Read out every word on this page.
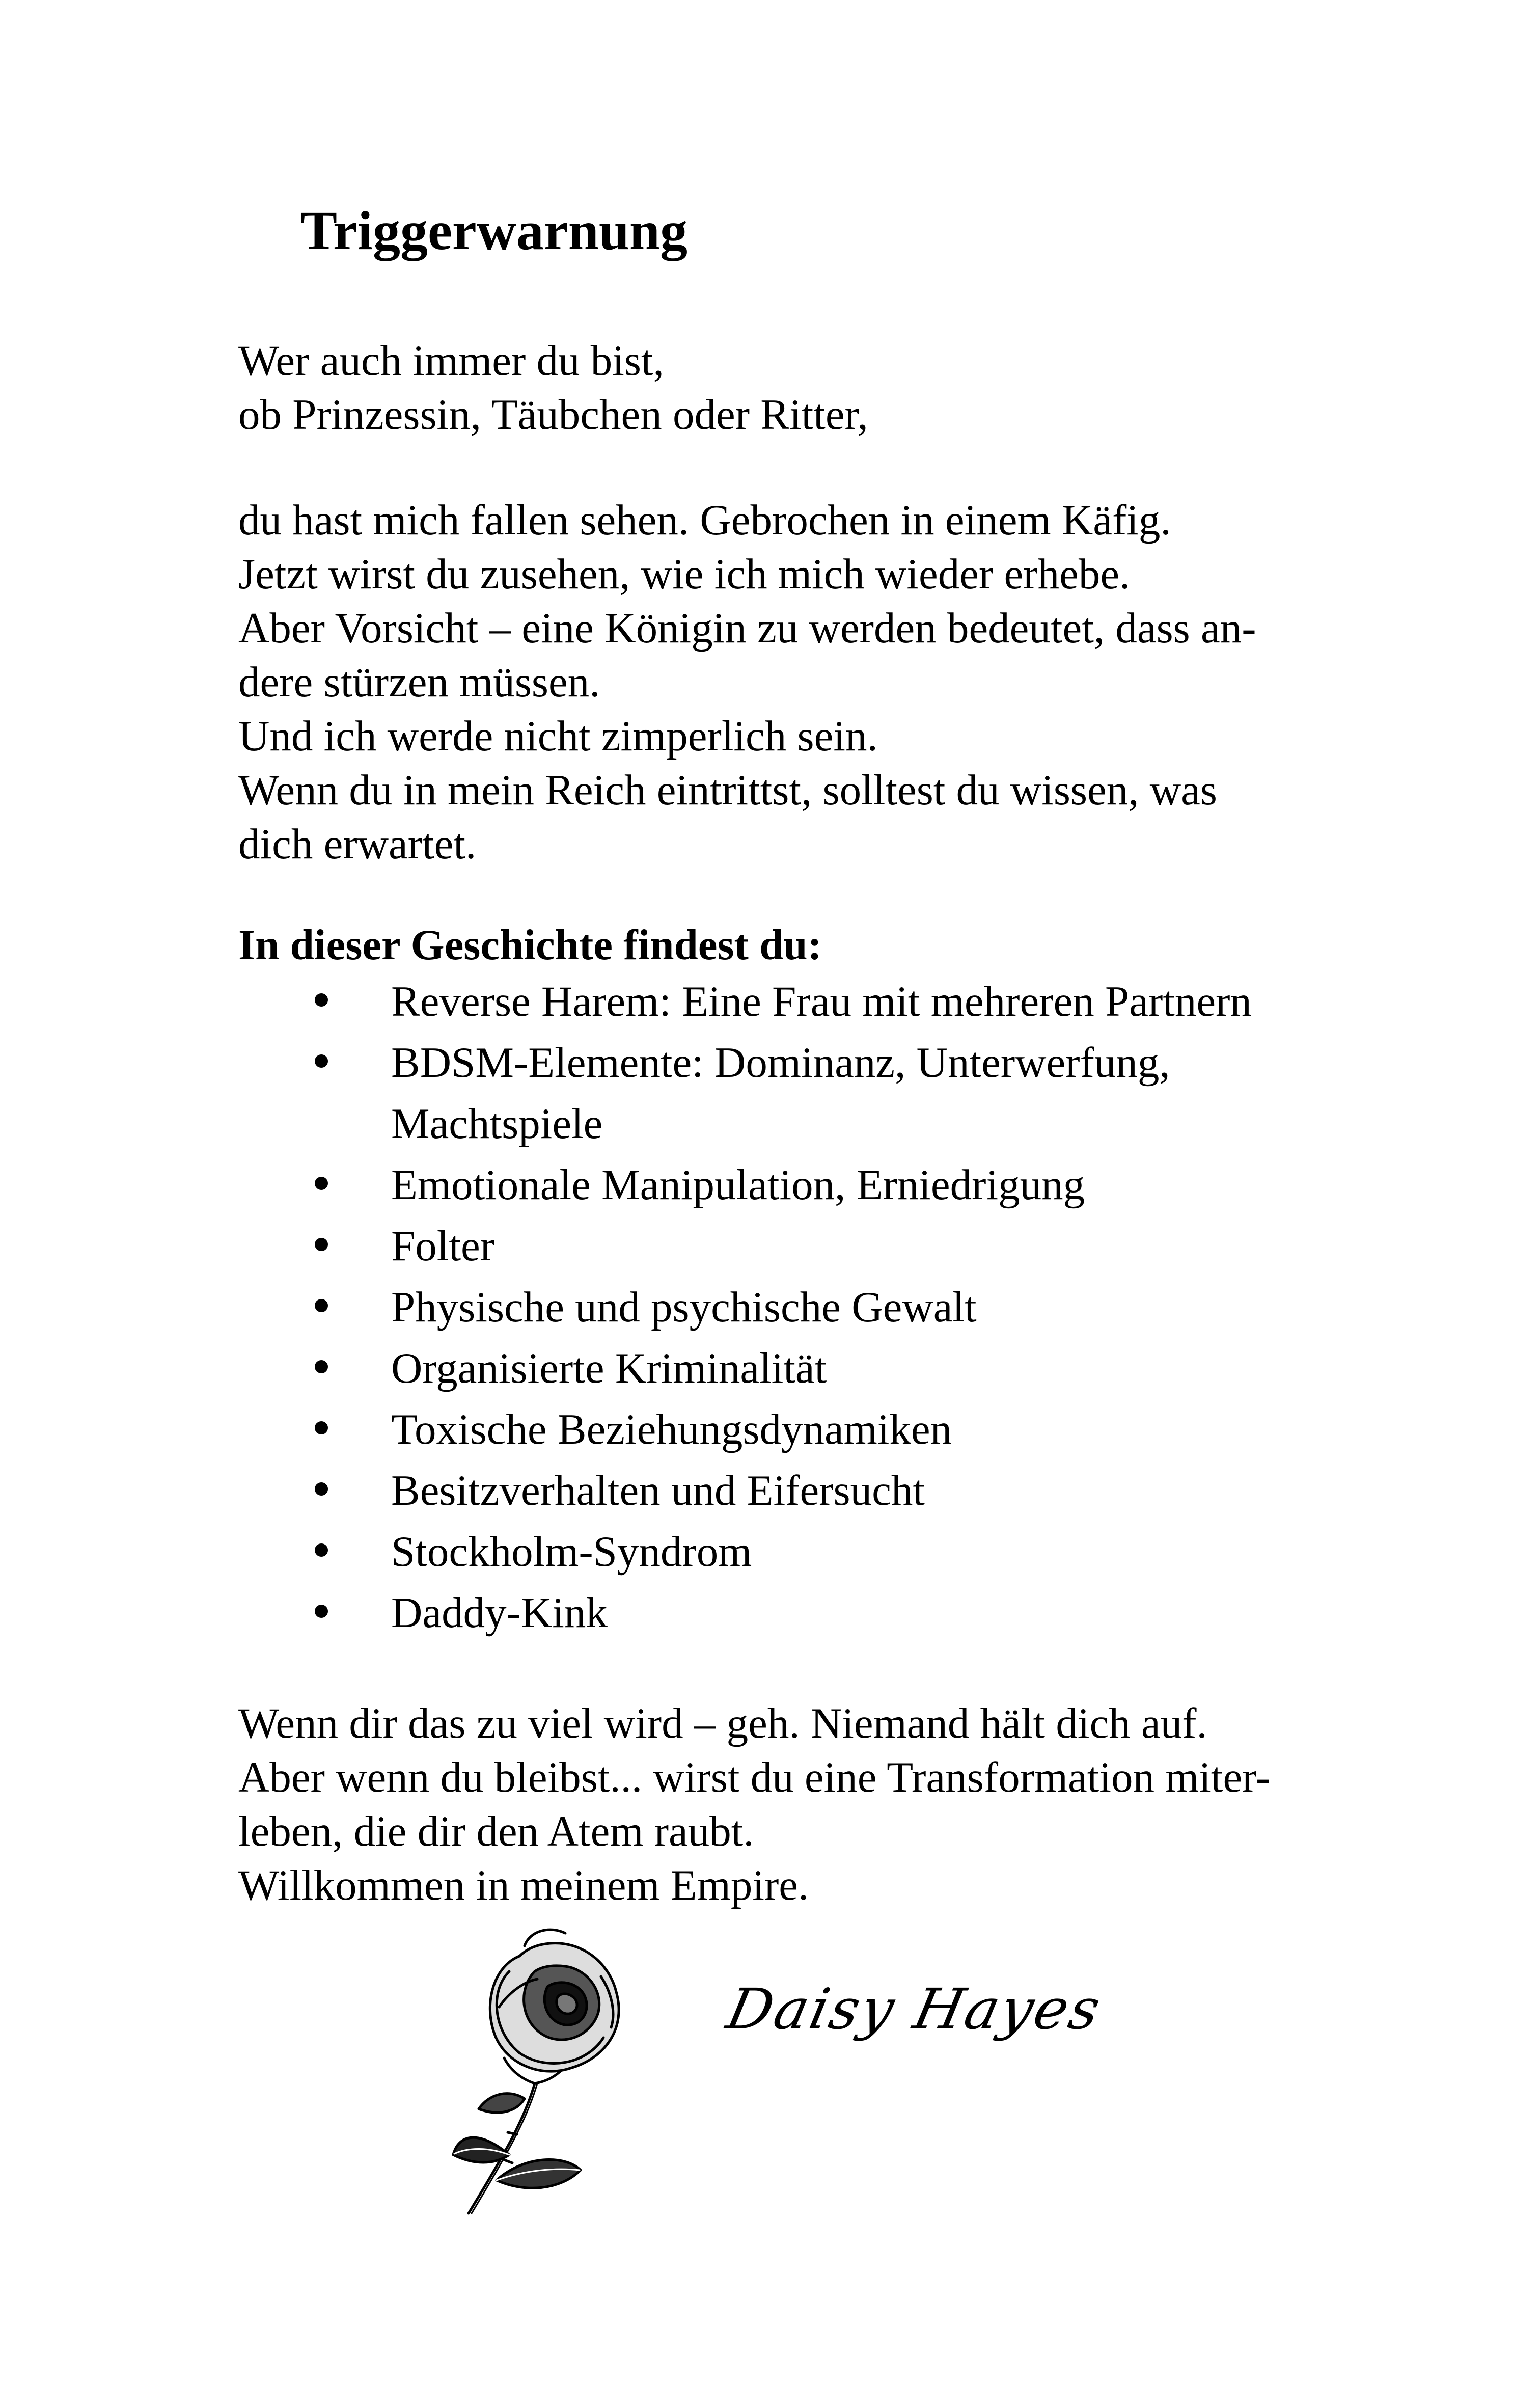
Triggerwarnung

Wer auch immer du bist,

ob Prinzessin, Täubchen oder Ritter,

du hast mich fallen sehen. Gebrochen in einem Käfig.

Jetzt wirst du zusehen, wie ich mich wieder erhebe.

Aber Vorsicht – eine Königin zu werden bedeutet, dass an-

dere stürzen müssen.

Und ich werde nicht zimperlich sein.

Wenn du in mein Reich eintrittst, solltest du wissen, was

dich erwartet.

In dieser Geschichte findest du:

Reverse Harem: Eine Frau mit mehreren Partnern
BDSM-Elemente: Dominanz, Unterwerfung, Machtspiele
Emotionale Manipulation, Erniedrigung
Folter
Physische und psychische Gewalt
Organisierte Kriminalität
Toxische Beziehungsdynamiken
Besitzverhalten und Eifersucht
Stockholm-Syndrom
Daddy-Kink

Wenn dir das zu viel wird – geh. Niemand hält dich auf.

Aber wenn du bleibst... wirst du eine Transformation miter-

leben, die dir den Atem raubt.

Willkommen in meinem Empire.

Daisy Hayes
